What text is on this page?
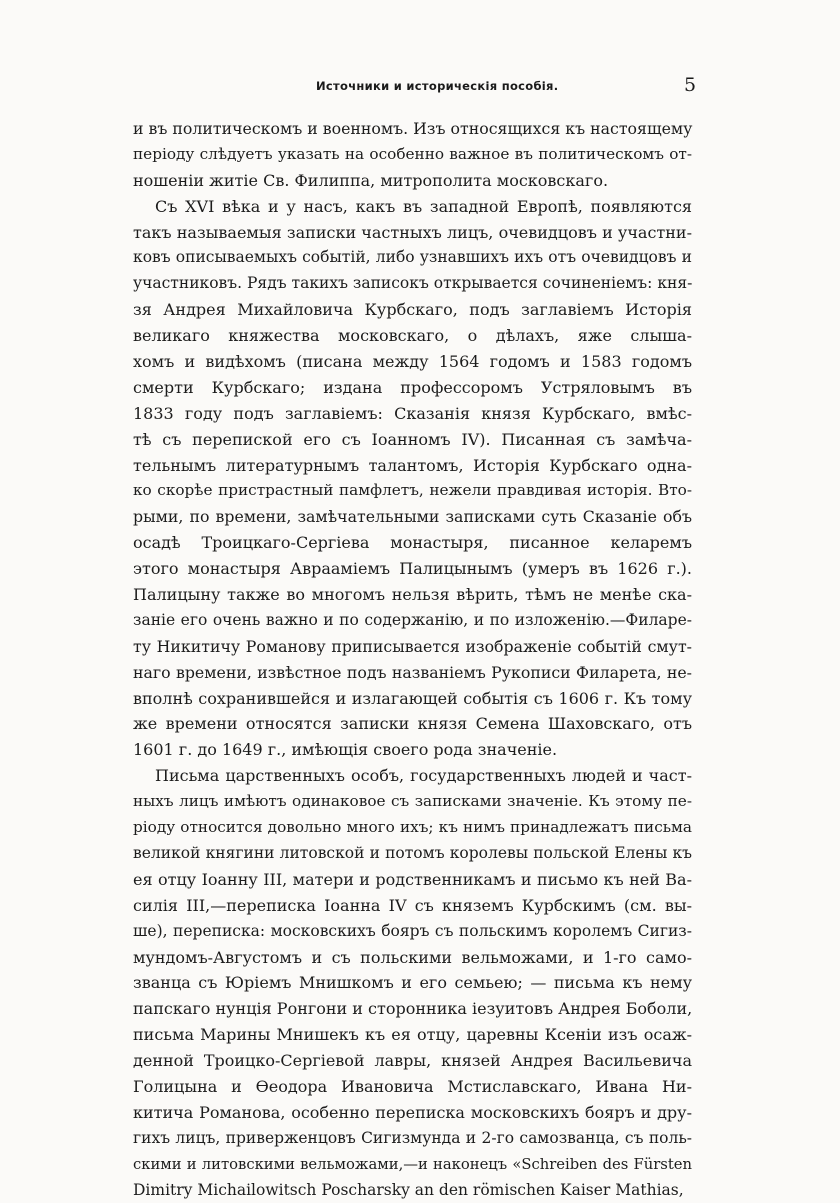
Источники и историческія пособія.	5
и въ политическомъ и военномъ. Изъ относящихся къ настоящему
періоду слѣдуетъ указать на особенно важное въ политическомъ от-
ношеніи житіе Св. Филиппа, митрополита московскаго.
Съ XVI вѣка и у насъ, какъ въ западной Европѣ, появляются
такъ называемыя записки частныхъ лицъ, очевидцовъ и участни-
ковъ описываемыхъ событій, либо узнавшихъ ихъ отъ очевидцовъ и
участниковъ. Рядъ такихъ записокъ открывается сочиненіемъ: кня-
зя Андрея Михайловича Курбскаго, подъ заглавіемъ Исторія
великаго княжества московскаго, о дѣлахъ, яже слыша-
хомъ и видѣхомъ (писана между 1564 годомъ и 1583 годомъ
смерти Курбскаго; издана профессоромъ Устряловымъ въ
1833 году подъ заглавіемъ: Сказанія князя Курбскаго, вмѣс-
тѣ съ перепиской его съ Іоанномъ IV). Писанная съ замѣча-
тельнымъ литературнымъ талантомъ, Исторія Курбскаго одна-
ко скорѣе пристрастный памфлетъ, нежели правдивая исторія. Вто-
рыми, по времени, замѣчательными записками суть Сказаніе объ
осадѣ Троицкаго-Сергіева монастыря, писанное келаремъ
этого монастыря Аврааміемъ Палицынымъ (умеръ въ 1626 г.).
Палицыну также во многомъ нельзя вѣрить, тѣмъ не менѣе ска-
заніе его очень важно и по содержанію, и по изложенію.—Филаре-
ту Никитичу Романову приписывается изображеніе событій смут-
наго времени, извѣстное подъ названіемъ Рукописи Филарета, не-
вполнѣ сохранившейся и излагающей событія съ 1606 г. Къ тому
же времени относятся записки князя Семена Шаховскаго, отъ
1601 г. до 1649 г., имѣющія своего рода значеніе.
Письма царственныхъ особъ, государственныхъ людей и част-
ныхъ лицъ имѣютъ одинаковое съ записками значеніе. Къ этому пе-
ріоду относится довольно много ихъ; къ нимъ принадлежатъ письма
великой княгини литовской и потомъ королевы польской Елены къ
ея отцу Іоанну III, матери и родственникамъ и письмо къ ней Ва-
силія III,—переписка Іоанна IV съ княземъ Курбскимъ (см. вы-
ше), переписка: московскихъ бояръ съ польскимъ королемъ Сигиз-
мундомъ-Августомъ и съ польскими вельможами, и 1-го само-
званца съ Юріемъ Мнишкомъ и его семьею; — письма къ нему
папскаго нунція Ронгони и сторонника іезуитовъ Андрея Боболи,
письма Марины Мнишекъ къ ея отцу, царевны Ксеніи изъ осаж-
денной Троицко-Сергіевой лавры, князей Андрея Васильевича
Голицына и Өеодора Ивановича Мстиславскаго, Ивана Ни-
китича Романова, особенно переписка московскихъ бояръ и дру-
гихъ лицъ, приверженцовъ Сигизмунда и 2-го самозванца, съ поль-
скими и литовскими вельможами,—и наконецъ «Schreiben des Fürsten
Dimitry Michailowitsch Poscharsky an den römischen Kaiser Mathias,
